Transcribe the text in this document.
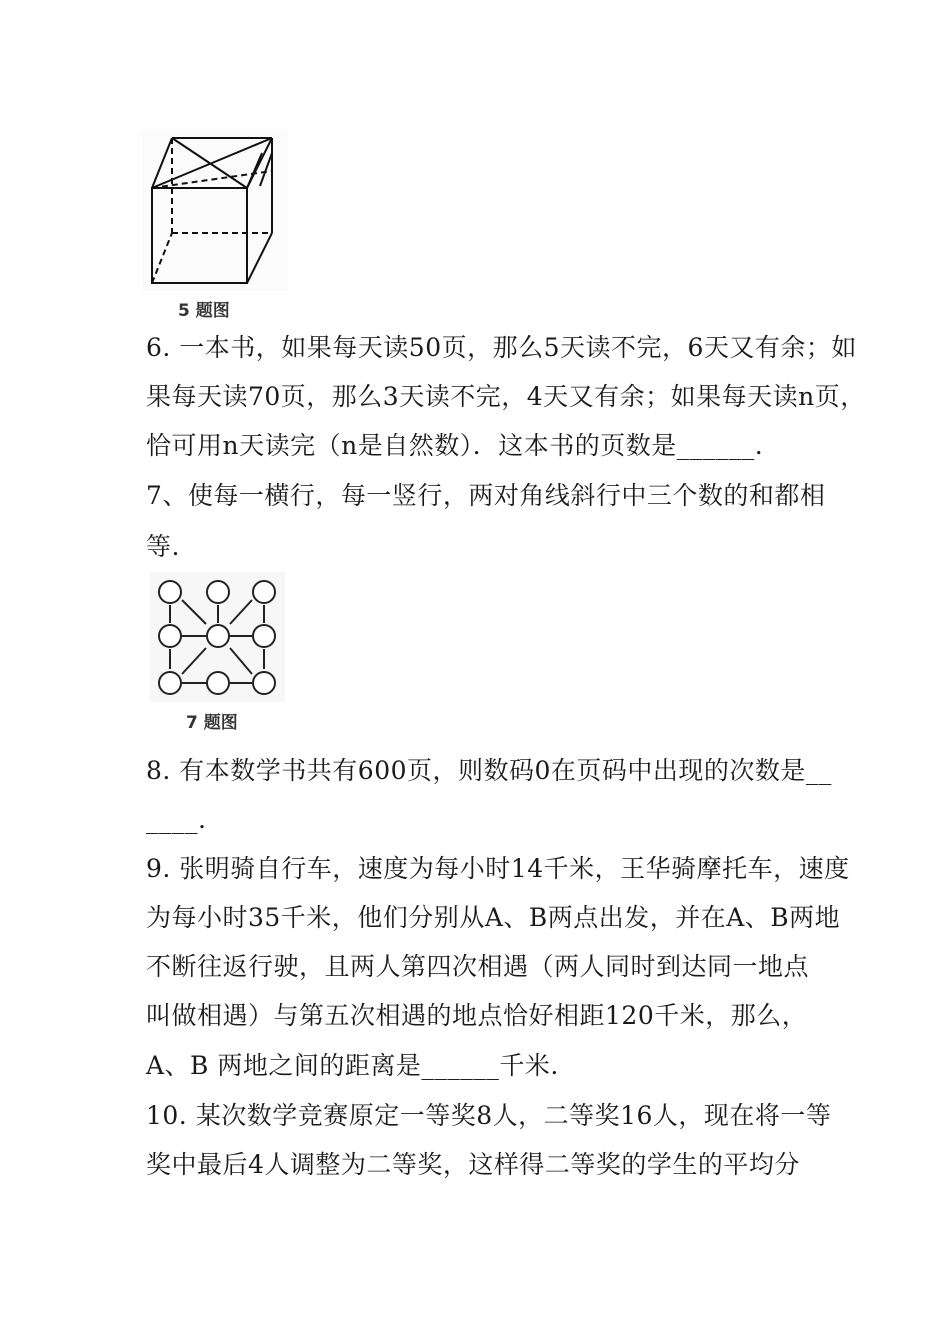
5 题图
6. 一本书，如果每天读50页，那么5天读不完，6天又有余；如
果每天读70页，那么3天读不完，4天又有余；如果每天读n页，
恰可用n天读完（n是自然数）．这本书的页数是______.
7、使每一横行，每一竖行，两对角线斜行中三个数的和都相
等.
7 题图
8. 有本数学书共有600页，则数码0在页码中出现的次数是__
____.
9. 张明骑自行车，速度为每小时14千米，王华骑摩托车，速度
为每小时35千米，他们分别从A、B两点出发，并在A、B两地
不断往返行驶，且两人第四次相遇（两人同时到达同一地点
叫做相遇）与第五次相遇的地点恰好相距120千米，那么，
A、B 两地之间的距离是______千米.
10. 某次数学竞赛原定一等奖8人，二等奖16人，现在将一等
奖中最后4人调整为二等奖，这样得二等奖的学生的平均分
